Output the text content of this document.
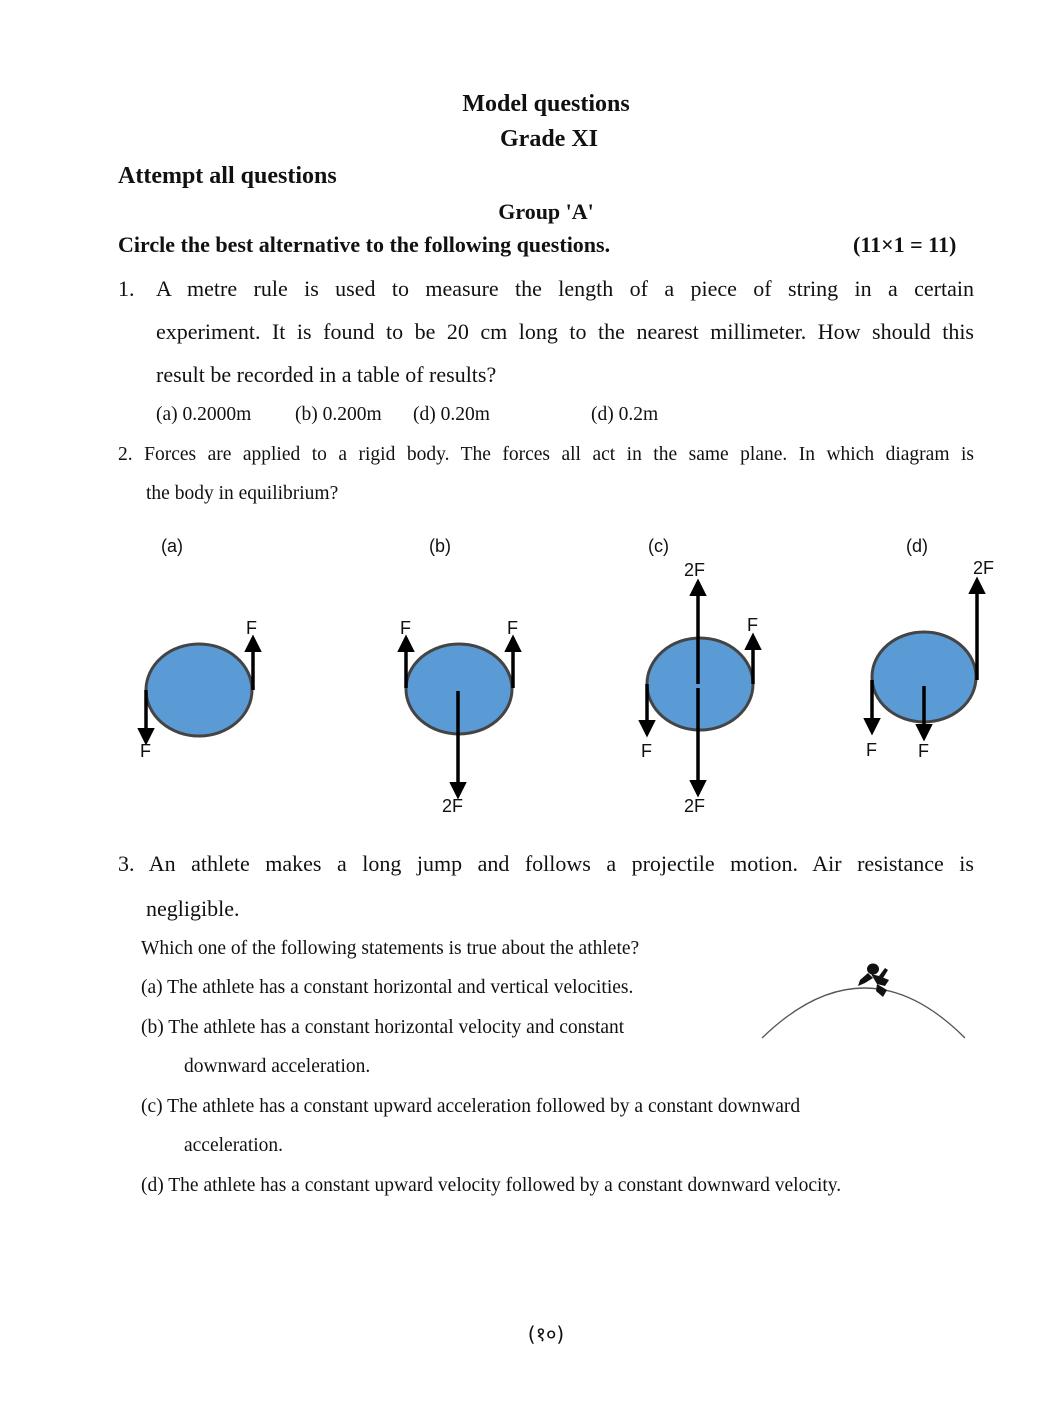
Model questions
Grade XI
Attempt all questions
Group 'A'
Circle the best alternative to the following questions.	(11×1 = 11)
1. A metre rule is used to measure the length of a piece of string in a certain
experiment. It is found to be 20 cm long to the nearest millimeter. How should this
result be recorded in a table of results?
(a) 0.2000m (b) 0.200m (d) 0.20m	(d) 0.2m
2. Forces are applied to a rigid body. The forces all act in the same plane. In which diagram is
the body in equilibrium?
(a)
F
F
(b)
F	F
2F
(c)
2F
2F
F
F
(d)
2F
F F
3. An athlete makes a long jump and follows a projectile motion. Air resistance is
negligible.
Which one of the following statements is true about the athlete?
(a) The athlete has a constant horizontal and vertical velocities.
(b) The athlete has a constant horizontal velocity and constant
downward acceleration.
(c) The athlete has a constant upward acceleration followed by a constant downward
acceleration.
(d) The athlete has a constant upward velocity followed by a constant downward velocity.
(१०)
